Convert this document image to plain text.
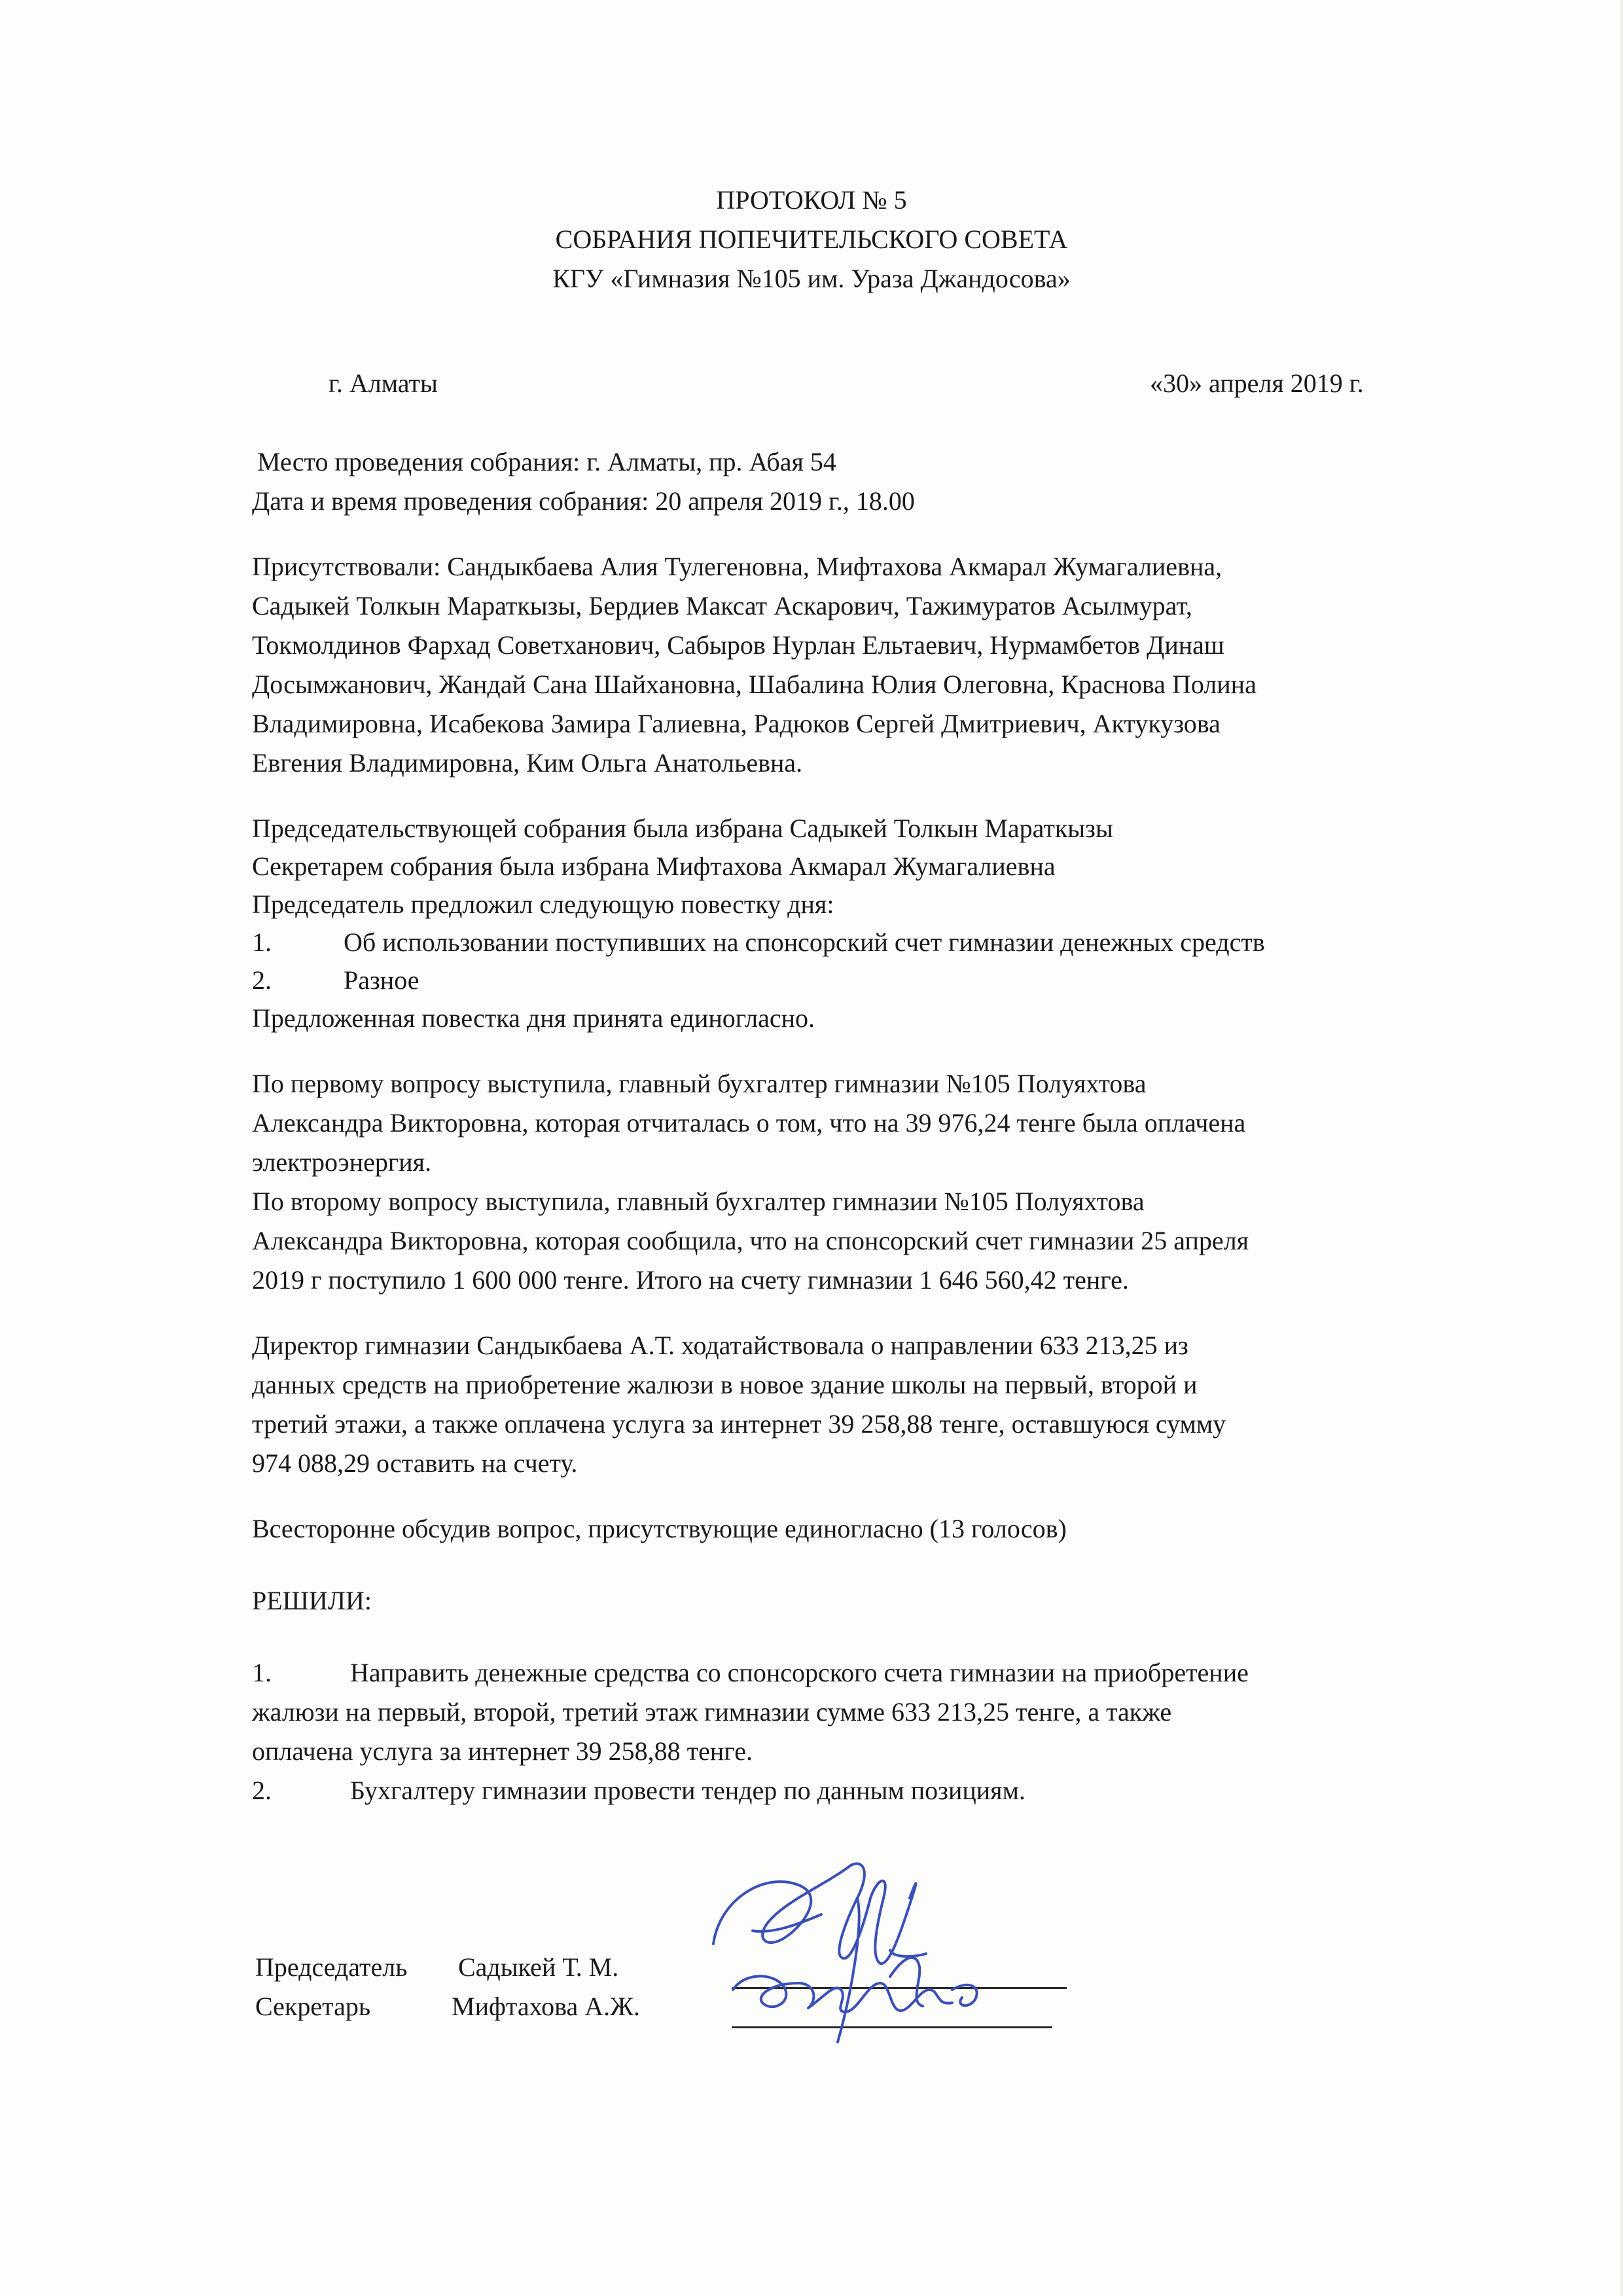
ПРОТОКОЛ № 5
СОБРАНИЯ ПОПЕЧИТЕЛЬСКОГО СОВЕТА
КГУ «Гимназия №105 им. Ураза Джандосова»
г. Алматы	«30» апреля 2019 г.
Место проведения собрания: г. Алматы, пр. Абая 54
Дата и время проведения собрания: 20 апреля 2019 г., 18.00
Присутствовали: Сандыкбаева Алия Тулегеновна, Мифтахова Акмарал Жумагалиевна,
Садыкей Толкын Мараткызы, Бердиев Максат Аскарович, Тажимуратов Асылмурат,
Токмолдинов Фархад Советханович, Сабыров Нурлан Ельтаевич, Нурмамбетов Динаш
Досымжанович, Жандай Сана Шайхановна, Шабалина Юлия Олеговна, Краснова Полина
Владимировна, Исабекова Замира Галиевна, Радюков Сергей Дмитриевич, Актукузова
Евгения Владимировна, Ким Ольга Анатольевна.
Председательствующей собрания была избрана Садыкей Толкын Мараткызы
Секретарем собрания была избрана Мифтахова Акмарал Жумагалиевна
Председатель предложил следующую повестку дня:
1.	Об использовании поступивших на спонсорский счет гимназии денежных средств
2.	Разное
Предложенная повестка дня принята единогласно.
По первому вопросу выступила, главный бухгалтер гимназии №105 Полуяхтова
Александра Викторовна, которая отчиталась о том, что на 39 976,24 тенге была оплачена
электроэнергия.
По второму вопросу выступила, главный бухгалтер гимназии №105 Полуяхтова
Александра Викторовна, которая сообщила, что на спонсорский счет гимназии 25 апреля
2019 г поступило 1 600 000 тенге. Итого на счету гимназии 1 646 560,42 тенге.
Директор гимназии Сандыкбаева А.Т. ходатайствовала о направлении 633 213,25 из
данных средств на приобретение жалюзи в новое здание школы на первый, второй и
третий этажи, а также оплачена услуга за интернет 39 258,88 тенге, оставшуюся сумму
974 088,29 оставить на счету.
Всесторонне обсудив вопрос, присутствующие единогласно (13 голосов)
РЕШИЛИ:
1.	Направить денежные средства со спонсорского счета гимназии на приобретение
жалюзи на первый, второй, третий этаж гимназии сумме 633 213,25 тенге, а также
оплачена услуга за интернет 39 258,88 тенге.
2.	Бухгалтеру гимназии провести тендер по данным позициям.
Председатель Садыкей Т. М.
Секретарь	Мифтахова А.Ж.
